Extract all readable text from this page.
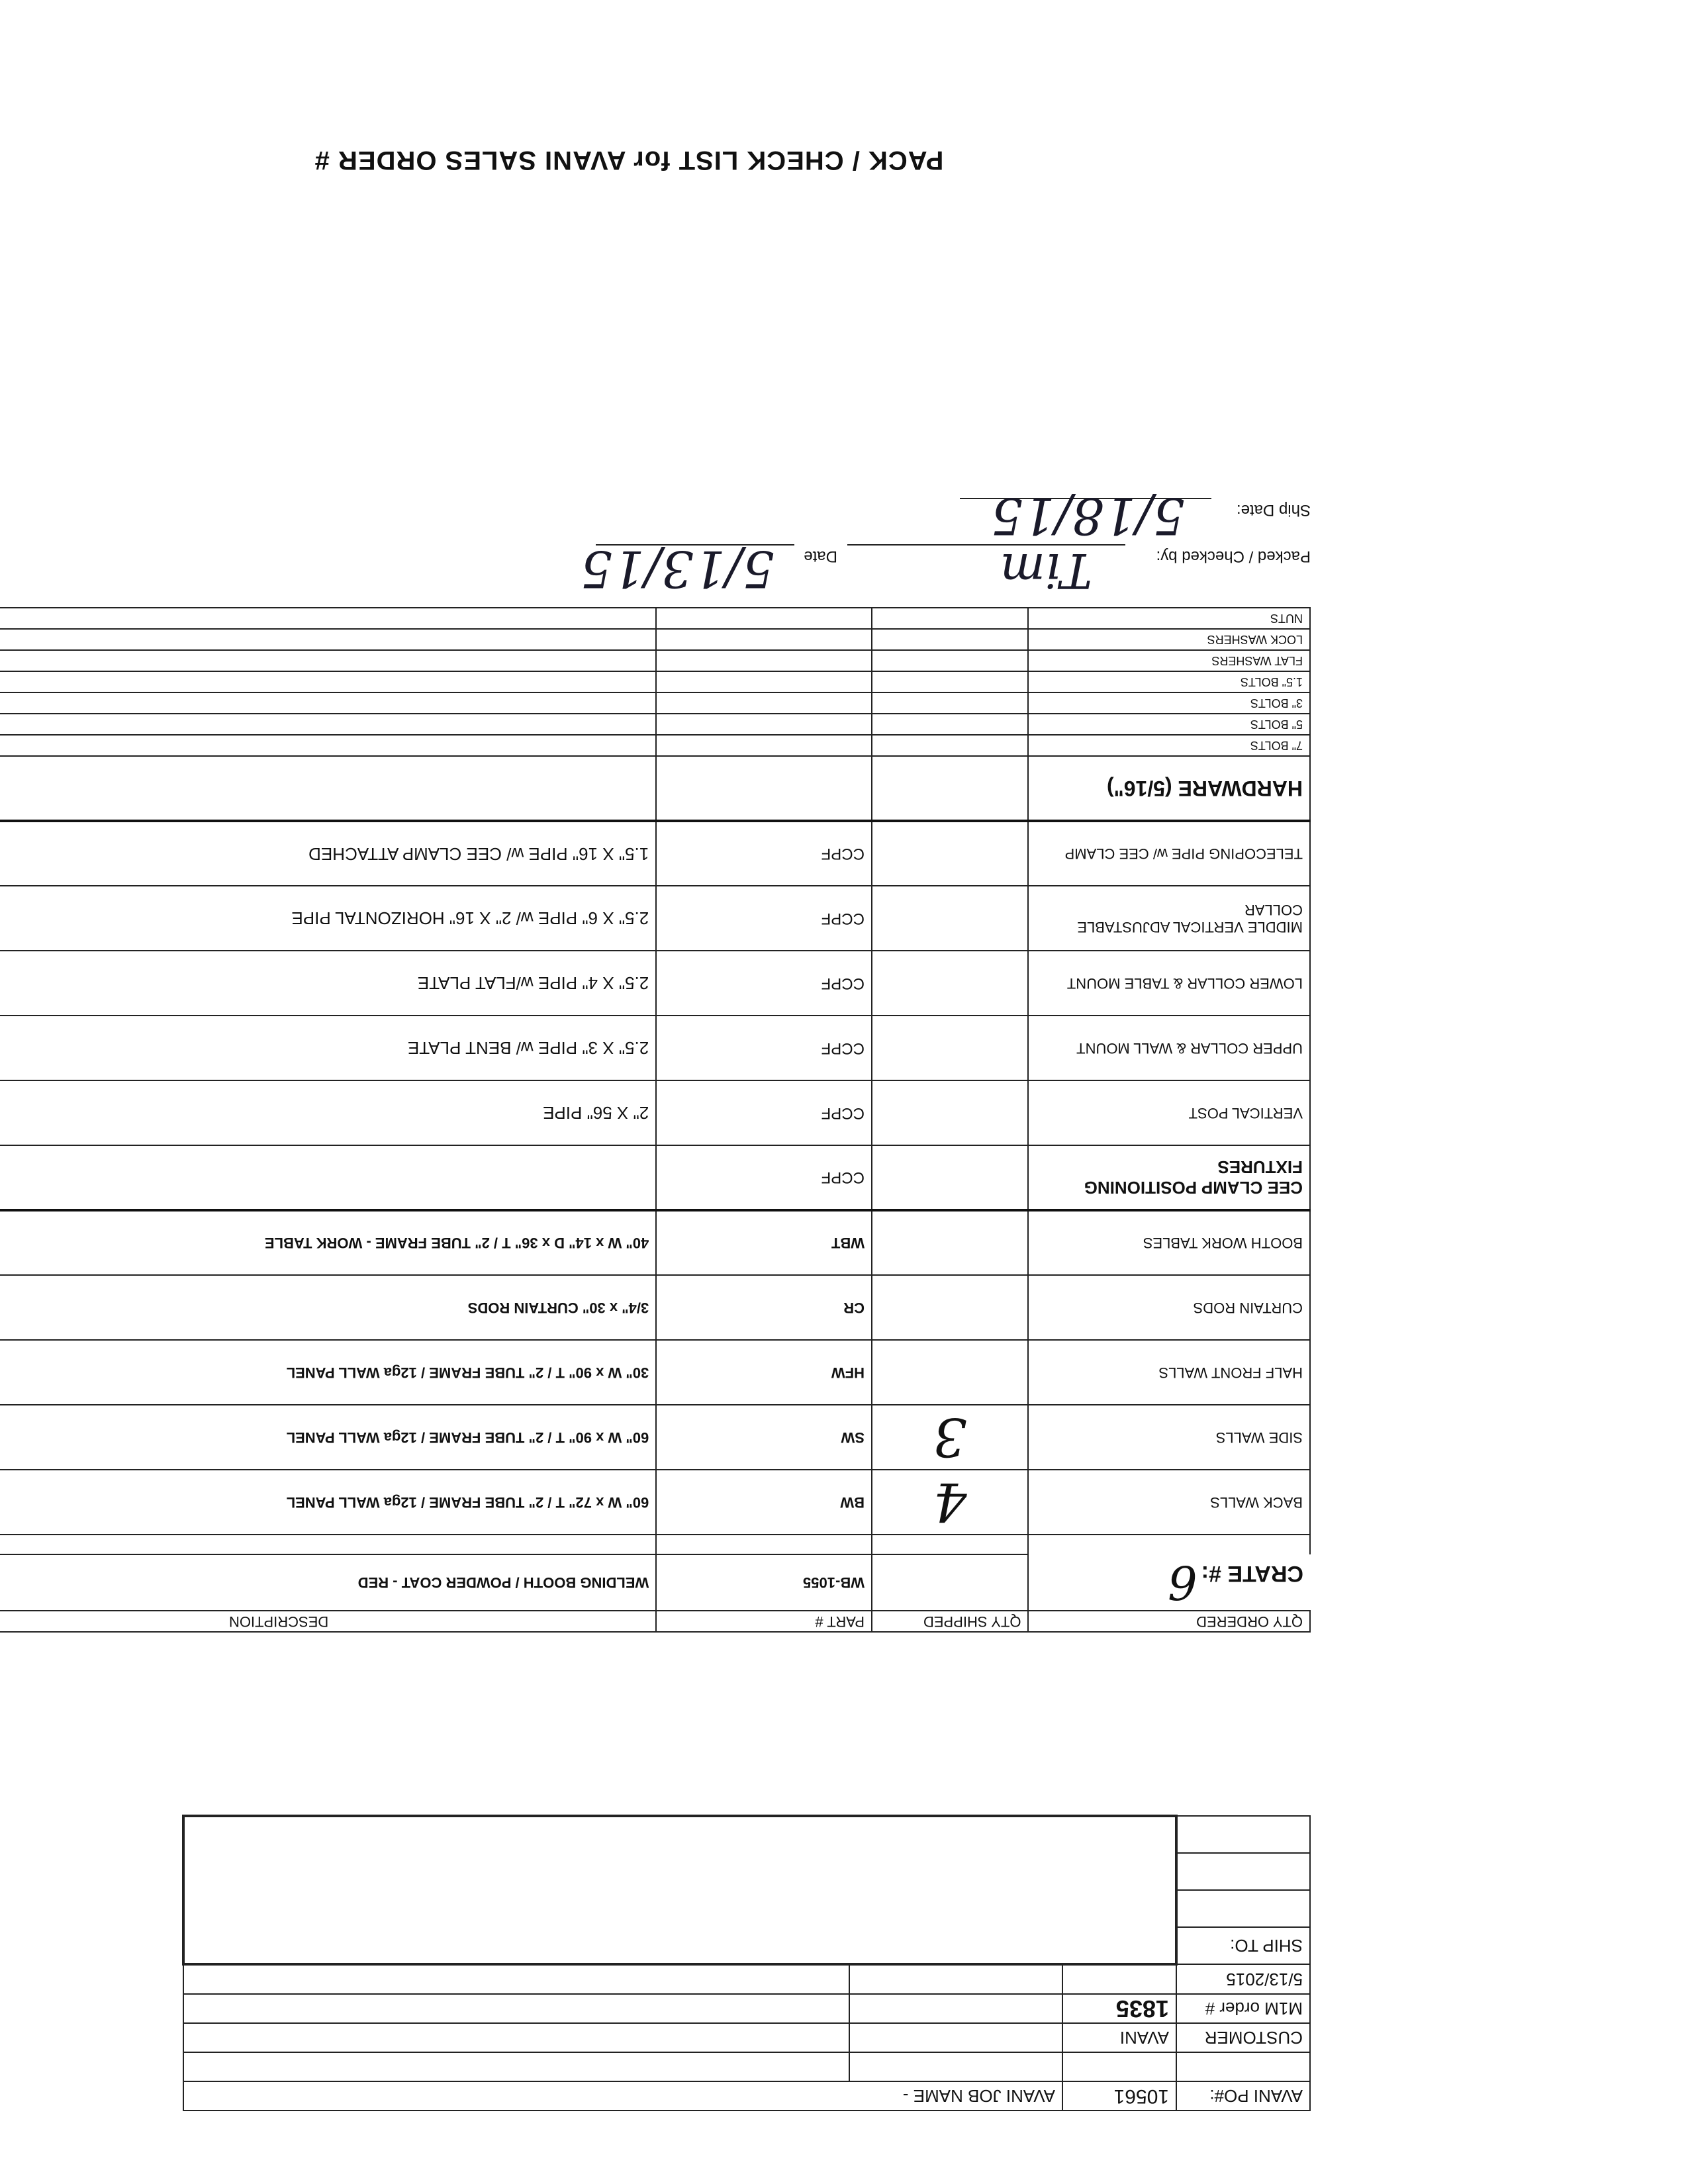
PACK / CHECK LIST for AVANI SALES ORDER #
AVANI PO#:	10561	AVANI JOB NAME -	

CUSTOMER	AVANI		
M1M order #	1835		
5/13/2015			
SHIP TO:			

QTY ORDERED	QTY SHIPPED	PART #	DESCRIPTION
CRATE #: 6		WB-1055	WELDING BOOTH / POWDER COAT - RED

BACK WALLS	4	BW	60" W x 72" T / 2" TUBE FRAME / 12ga WALL PANEL
SIDE WALLS	3	SW	60" W x 90" T / 2" TUBE FRAME / 12ga WALL PANEL
HALF FRONT WALLS		HFW	30" W x 90" T / 2" TUBE FRAME / 12ga WALL PANEL
CURTAIN RODS		CR	3/4" x 30" CURTAIN RODS
BOOTH WORK TABLES		WBT	40" W x 14" D x 36" T / 2" TUBE FRAME - WORK TABLE
CEE CLAMP POSITIONING FIXTURES		CCPF	
VERTICAL POST		CCPF	2" X 56" PIPE
UPPER COLLAR & WALL MOUNT		CCPF	2.5" X 3" PIPE w/ BENT PLATE
LOWER COLLAR & TABLE MOUNT		CCPF	2.5" X 4" PIPE w/FLAT PLATE
MIDDLE VERTICAL ADJUSTABLE COLLAR		CCPF	2.5" X 6" PIPE w/ 2" X 16" HORIZONTAL PIPE
TELECOPING PIPE w/ CEE CLAMP		CCPF	1.5" X 16" PIPE w/ CEE CLAMP ATTACHED
HARDWARE (5/16")			
7" BOLTS			
5" BOLTS			
3" BOLTS			
1.5" BOLTS			
FLAT WASHERS			
LOCK WASHERS			
NUTS			
Packed / Checked by:
Tim
Date
5/13/15
Ship Date:
5/18/15
